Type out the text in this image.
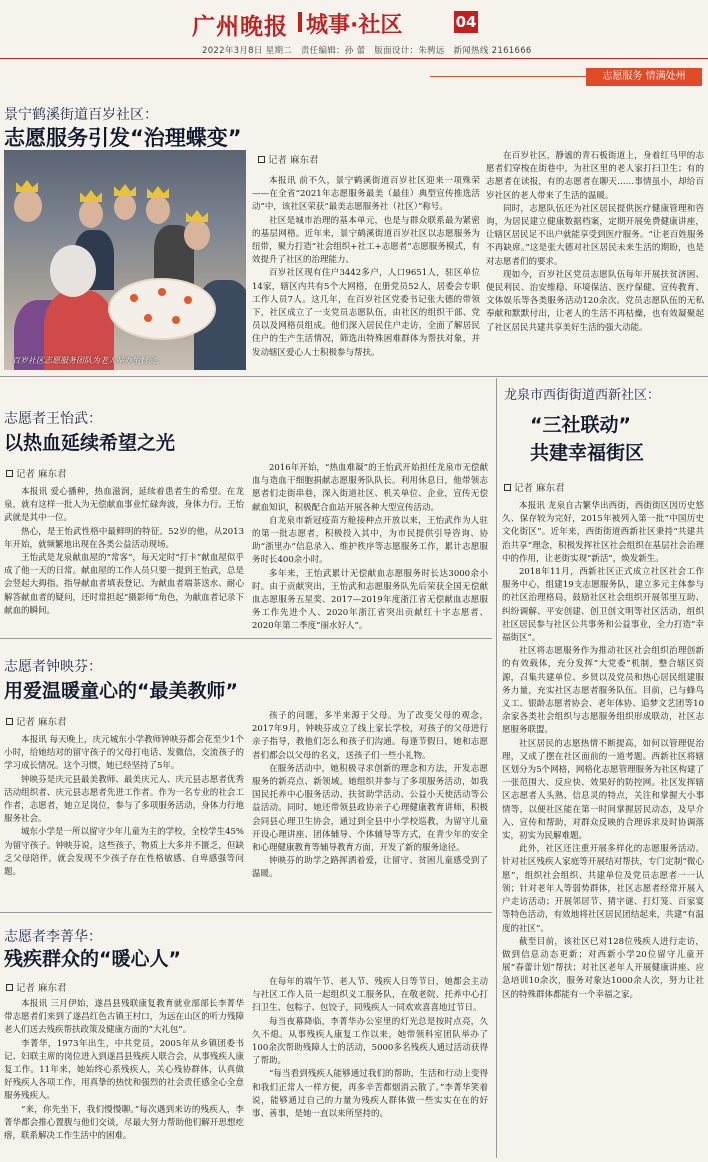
广州晚报 城事·社区	04
2022年3月8日 星期二　责任编辑：孙 蕾　版面设计：朱骋远　新闻热线 2161666
志愿服务 情满处州
景宁鹤溪街道百岁社区：
志愿服务引发“治理蝶变”
百岁社区志愿服务团队为老人举办生日会。
记者 麻东君

本报讯 前不久，景宁鹤溪街道百岁社区迎来一项殊荣——在全省“2021年志愿服务最美（最佳）典型宣传推选活动”中，该社区荣获“最美志愿服务社（社区）”称号。

社区是城市治理的基本单元，也是与群众联系最为紧密的基层网格。近年来，景宁鹤溪街道百岁社区以志愿服务为纽带，聚力打造“社会组织+社工+志愿者”志愿服务模式，有效提升了社区的治理能力。

百岁社区现有住户3442多户，人口9651人，驻区单位14家，辖区内共有5个大网格，在册党员52人，居委会专职工作人员7人。这几年，在百岁社区党委书记张大德的带领下，社区成立了一支党员志愿队伍，由社区的组织干部、党员以及网格员组成。他们深入居民住户走访，全面了解居民住户的生产生活情况，筛选出特殊困难群体为帮扶对象，并发动辖区爱心人士积极参与帮扶。

在百岁社区，静谧的青石板街道上，身着红马甲的志愿者们穿梭在街巷中，为社区里的老人家打扫卫生；有的志愿者在读报，有的志愿者在聊天……事情虽小，却给百岁社区的老人带来了生活的温暖。

同时，志愿队伍还为社区居民提供医疗健康管理和咨询，为居民建立健康数据档案，定期开展免费健康讲座，让辖区居民足不出户就能享受到医疗服务。“让老百姓服务不再缺席。”这是张大德对社区居民未来生活的期盼，也是对志愿者们的要求。

现如今，百岁社区党员志愿队伍每年开展扶贫济困、便民利民、治安维稳、环境保洁、医疗保健、宣传教育、文体娱乐等各类服务活动120余次。党员志愿队伍的无私奉献和默默付出，让老人的生活不再枯燥，也有效凝聚起了社区居民共建共享美好生活的强大动能。

志愿者王怡武：
以热血延续希望之光
记者 麻东君

本报讯 爱心播种，热血滋润，延续着患者生的希望。在龙泉，就有这样一批人为无偿献血事业忙碌奔波，身体力行。王怡武就是其中一位。

热心，是王怡武性格中最鲜明的特征。52岁的他，从2013年开始，就频繁地出现在各类公益活动现场。

王怡武是龙泉献血屋的“常客”，每天定时“打卡”献血屋似乎成了他一天的日常。献血屋的工作人员只要一提到王怡武，总是会竖起大拇指。指导献血者填表登记、为献血者端茶送水、耐心解答献血者的疑问，还时常担起“摄影师”角色，为献血者记录下献血的瞬间。

2016年开始，“热血难凝”的王怡武开始担任龙泉市无偿献血与造血干细胞捐献志愿服务队队长。利用休息日，他带领志愿者们走街串巷，深入街道社区、机关单位、企业，宣传无偿献血知识，积极配合血站开展各种大型宣传活动。

自龙泉市新冠疫苗方舱接种点开放以来，王怡武作为人驻的第一批志愿者，积极投入其中，为市民提供引导咨询、协助“浙里办”信息录入、维护秩序等志愿服务工作，累计志愿服务时长400余小时。

多年来，王怡武累计无偿献血志愿服务时长达3000余小时。由于贡献突出，王怡武和志愿服务队先后荣获全国无偿献血志愿服务五星奖、2017—2019年度浙江省无偿献血志愿服务工作先进个人、2020年浙江省突出贡献红十字志愿者、2020年第二季度“丽水好人”。

志愿者钟映芬：
用爱温暖童心的“最美教师”
记者 麻东君

本报讯 每天晚上，庆元城东小学教师钟映芬都会花至少1个小时，给她结对的留守孩子的父母打电话、发微信，交流孩子的学习成长情况。这个习惯，她已经坚持了5年。

钟映芬是庆元县最美教师、最美庆元人、庆元县志愿者优秀活动组织者、庆元县志愿者先进工作者。作为一名专业的社会工作者，志愿者，她立足岗位，参与了多项服务活动，身体力行地服务社会。

城东小学是一所以留守少年儿童为主的学校，全校学生45%为留守孩子。钟映芬说，这些孩子，物质上大多并不匮乏，但缺乏父母陪伴，就会发现不少孩子存在性格敏感、自卑感强等问题。

孩子的问题，多半来源于父母。为了改变父母的观念，2017年9月，钟映芬成立了线上家长学校，对孩子的父母进行亲子指导，教他们怎么和孩子们沟通。每逢节假日，她和志愿者们都会以父母的名义，送孩子们一些小礼物。

在服务活动中，她积极寻求创新的理念和方法，开发志愿服务的新亮点、新领域。她组织并参与了多项服务活动，如我国民托养中心服务活动、扶贫助学活动、公益小天使活动等公益活动。同时，她还带领县政协亲子心理健康教育讲师，积极会同县心理卫生协会，通过到全县中小学校巡教，为留守儿童开设心理讲座、团体辅导、个体辅导等方式，在青少年的安全和心理健康教育等辅导教育方面，开发了新的服务途径。

钟映芬的助学之路挥洒着爱，让留守、贫困儿童感受到了温暖。

志愿者李菁华：
残疾群众的“暖心人”
记者 麻东君

本报讯 三月伊始，遂昌县残联康复教育就业部部长李菁华带志愿者们来到了遂昌红色古镇王村口，为远在山区的听力残障老人们送去残疾帮扶政策及健康方面的“大礼包”。

李菁华，1973年出生，中共党员，2005年从乡镇团委书记、妇联主席的岗位进入到遂昌县残疾人联合会，从事残疾人康复工作。11年来，她始终心系残疾人，关心残协群体，认真做好残疾人各项工作，用真挚的热忱和强烈的社会责任感全心全意服务残疾人。

“来，你先坐下，我们慢慢聊。”每次遇到来访的残疾人，李菁华都会推心置腹与他们交谈，尽最大努力帮助他们解开思想疙瘩，联系解决工作生活中的困难。

在每年的端午节、老人节、残疾人日等节日，她都会主动与社区工作人员一起组织义工服务队，在敬老院、托养中心打扫卫生、包粽子、包饺子，同残疾人一同欢欢喜喜地过节日。

每当夜幕降临，李菁华办公室里的灯光总是按时点亮，久久不熄。从事残疾人康复工作以来，她带领科室团队举办了100余次帮助残障人士的活动，5000多名残疾人通过活动获得了帮助。

“每当看到残疾人能够通过我们的帮助，生活和行动上变得和我们正常人一样方便，再多辛苦都烟消云散了。”李菁华笑着说，能够通过自己的力量为残疾人群体做一些实实在在的好事、善事，是她一直以来所坚持的。

龙泉市西街街道西新社区：
“三社联动”
共建幸福街区
记者 麻东君

本报讯 龙泉自古繁华出西街，西街街区因历史悠久、保存较为完好，2015年被列入第一批“中国历史文化街区”。近年来，西街街道西新社区秉持“共建共治共享”理念，积极发挥社区社会组织在基层社会治理中的作用，让老街实现“新活”，焕发新生。

2018年11月，西新社区正式成立社区社会工作服务中心，组建19支志愿服务队，建立多元主体参与的社区治理格局，鼓励社区社会组织开展邻里互助、纠纷调解、平安创建、创卫创文明等社区活动，组织社区居民参与社区公共事务和公益事业，全力打造“幸福街区”。

社区将志愿服务作为推动社区社会组织治理创新的有效载体，充分发挥“大党委”机制，整合辖区资源，召集共建单位、乡贤以及党员和热心居民组建服务力量，充实社区志愿者服务队伍。目前，已与蜂鸟义工、银龄志愿者协会、老年体协、追梦文艺团等10余家各类社会组织与志愿服务组织形成联动，社区志愿服务联盟。

社区居民的志愿热情不断提高，如何以管理促治理，又成了摆在社区面前的一道考题。西新社区将辖区划分为5个网格，网格化志愿管理服务为社区构建了一张范围大、反应快、效果好的防控网。社区发挥辖区志愿者人头熟、信息灵的特点，关注和掌握大小事情等，以便社区能在第一时间掌握居民动态，及早介入、宣传和帮助，对群众反映的合理诉求及时协调落实，初实为民解难题。

此外，社区还注重开展多样化的志愿服务活动。针对社区残疾人家庭等开展结对帮扶，专门定制“微心愿”，组织社会组织、共建单位及党员志愿者一一认领；针对老年人等弱势群体，社区志愿者经常开展入户走访活动；开展邻居节、猜字谜、打灯笼、百家宴等特色活动，有效地将社区居民团结起来，共建“有温度的社区”。

截至目前，该社区已对128位残疾人进行走访，做到信息动态更新；对西新小学20位留守儿童开展“春蕾计划”帮扶；对社区老年人开展健康讲座、应急培训10余次，服务对象达1000余人次，努力让社区的特殊群体都能有一个幸福之家。
